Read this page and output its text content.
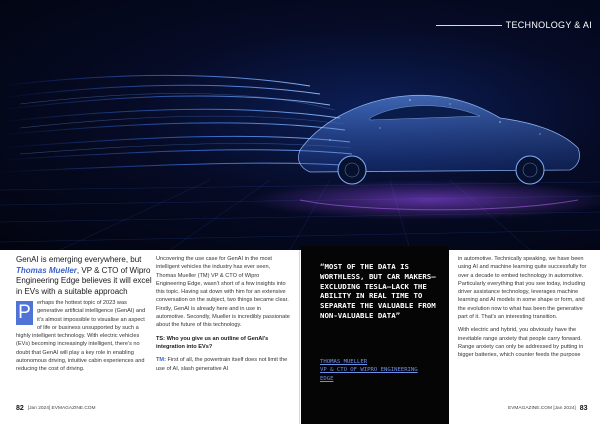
TECHNOLOGY & AI
GenAI is emerging everywhere, but Thomas Mueller, VP & CTO of Wipro Engineering Edge believes it will excel in EVs with a suitable approach
P	erhaps the hottest topic of 2023 was generative artificial intelligence (GenAI) and it’s almost impossible to visualise an aspect of life or business unsupported by such a highly intelligent technology. With electric vehicles (EVs) becoming increasingly intelligent, there’s no doubt that GenAI will play a key role in enabling autonomous driving, intuitive cabin experiences and reducing the cost of driving.

Uncovering the use case for GenAI in the most intelligent vehicles the industry has ever seen, Thomas Mueller (TM) VP & CTO of Wipro Engineering Edge, wasn’t short of a few insights into this topic. Having sat down with him for an extensive conversation on the subject, two things became clear. Firstly, GenAI is already here and in use in automotive. Secondly, Mueller is incredibly passionate about the future of this technology.

TS: Who you give us an outline of GenAI’s integration into EVs?

TM: First of all, the powertrain itself does not limit the use of AI, slash generative AI

“MOST OF THE DATA IS WORTHLESS, BUT CAR MAKERS—EXCLUDING TESLA—LACK THE ABILITY IN REAL TIME TO SEPARATE THE VALUABLE FROM NON-VALUABLE DATA”
THOMAS MUELLER
VP & CTO OF WIPRO ENGINEERING EDGE

in automotive. Technically speaking, we have been using AI and machine learning quite successfully for over a decade to embed technology in automotive. Particularly everything that you see today, including driver assistance technology, leverages machine learning and AI models in some shape or form, and the evolution now to what has been the generative part of it. That’s an interesting transition.

With electric and hybrid, you obviously have the inevitable range anxiety that people carry forward. Range anxiety can only be addressed by putting in bigger batteries, which counter feeds the purpose

82 [Jan 2024]
EVMAGAZINE.COM	EVMAGAZINE.COM
[Jan 2024] 83
